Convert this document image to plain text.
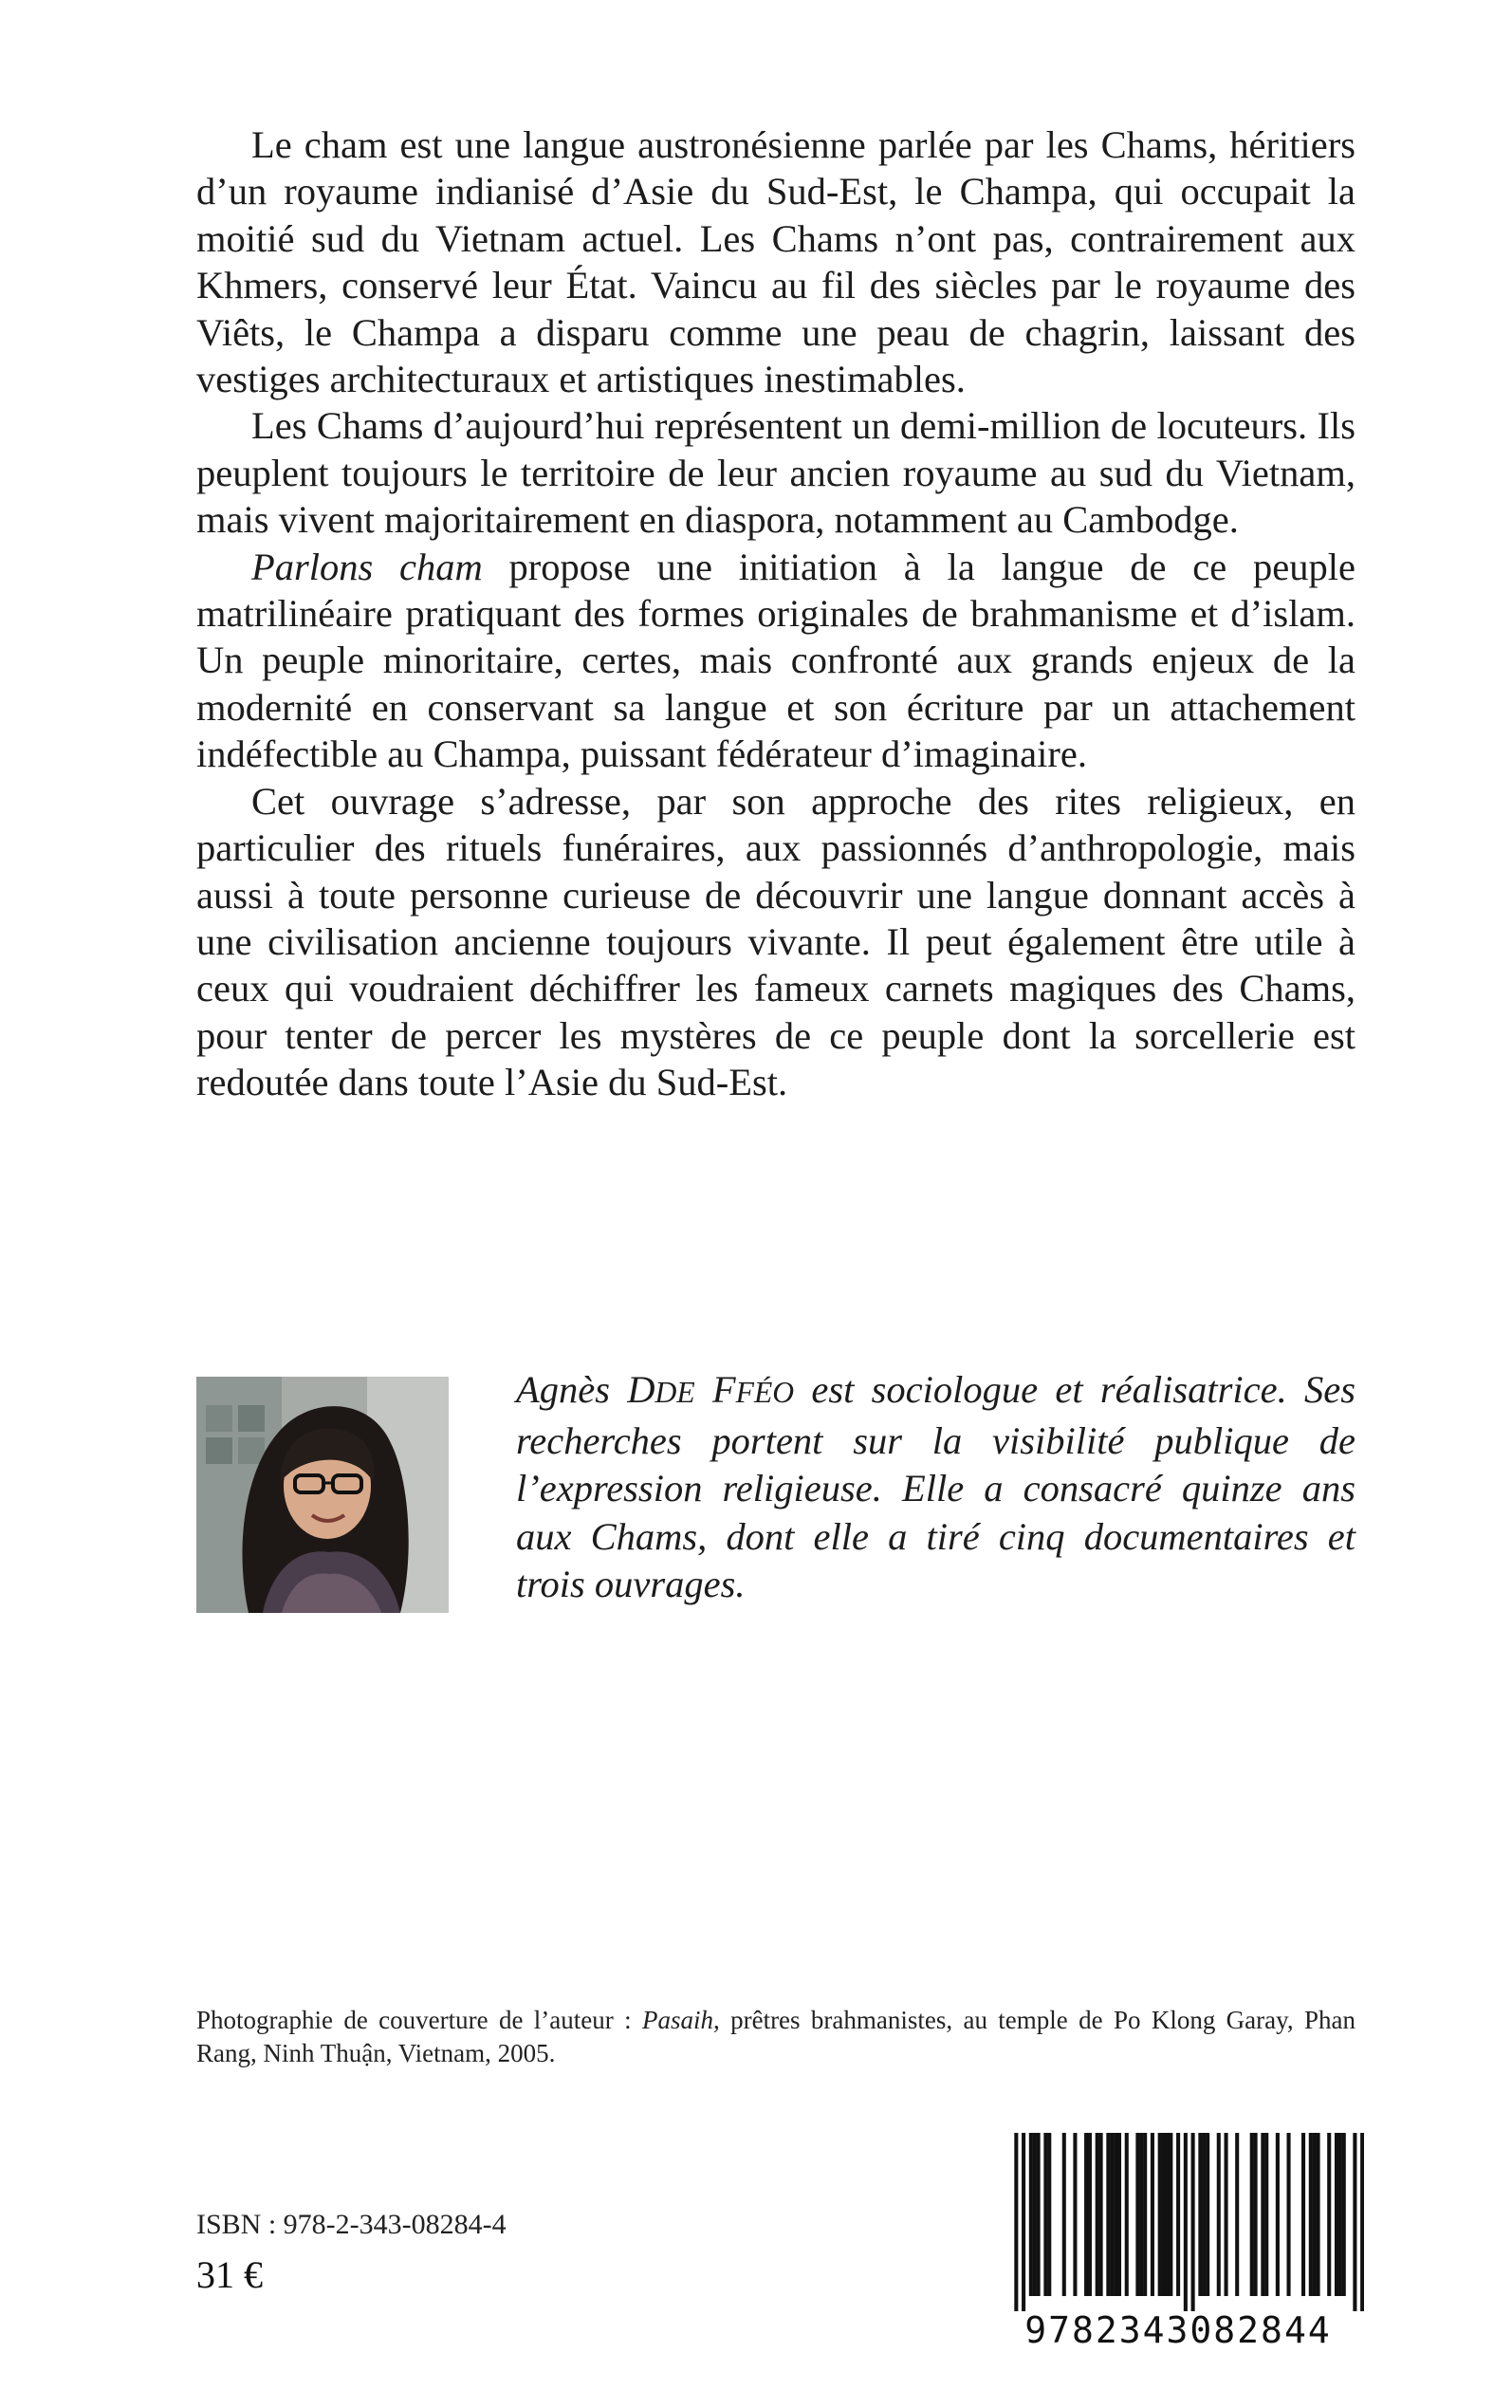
Le cham est une langue austronésienne parlée par les Chams, héritiers d’un royaume indianisé d’Asie du Sud-Est, le Champa, qui occupait la moitié sud du Vietnam actuel. Les Chams n’ont pas, contrairement aux Khmers, conservé leur État. Vaincu au fil des siècles par le royaume des Viêts, le Champa a disparu comme une peau de chagrin, laissant des vestiges architecturaux et artistiques inestimables.

Les Chams d’aujourd’hui représentent un demi-million de locuteurs. Ils peuplent toujours le territoire de leur ancien royaume au sud du Vietnam, mais vivent majoritairement en diaspora, notamment au Cambodge.

Parlons cham propose une initiation à la langue de ce peuple matrilinéaire pratiquant des formes originales de brahmanisme et d’islam. Un peuple minoritaire, certes, mais confronté aux grands enjeux de la modernité en conservant sa langue et son écriture par un attachement indéfectible au Champa, puissant fédérateur d’imaginaire.

Cet ouvrage s’adresse, par son approche des rites religieux, en particulier des rituels funéraires, aux passionnés d’anthropologie, mais aussi à toute personne curieuse de découvrir une langue donnant accès à une civilisation ancienne toujours vivante. Il peut également être utile à ceux qui voudraient déchiffrer les fameux carnets magiques des Chams, pour tenter de percer les mystères de ce peuple dont la sorcellerie est redoutée dans toute l’Asie du Sud-Est.

Agnès DDE FFÉO est sociologue et réalisatrice. Ses recherches portent sur la visibilité publique de l’expression religieuse. Elle a consacré quinze ans aux Chams, dont elle a tiré cinq documentaires et trois ouvrages.
Photographie de couverture de l’auteur : Pasaih, prêtres brahmanistes, au temple de Po Klong Garay, Phan Rang, Ninh Thuận, Vietnam, 2005.
ISBN : 978-2-343-08284-4
31 €
9782343082844
